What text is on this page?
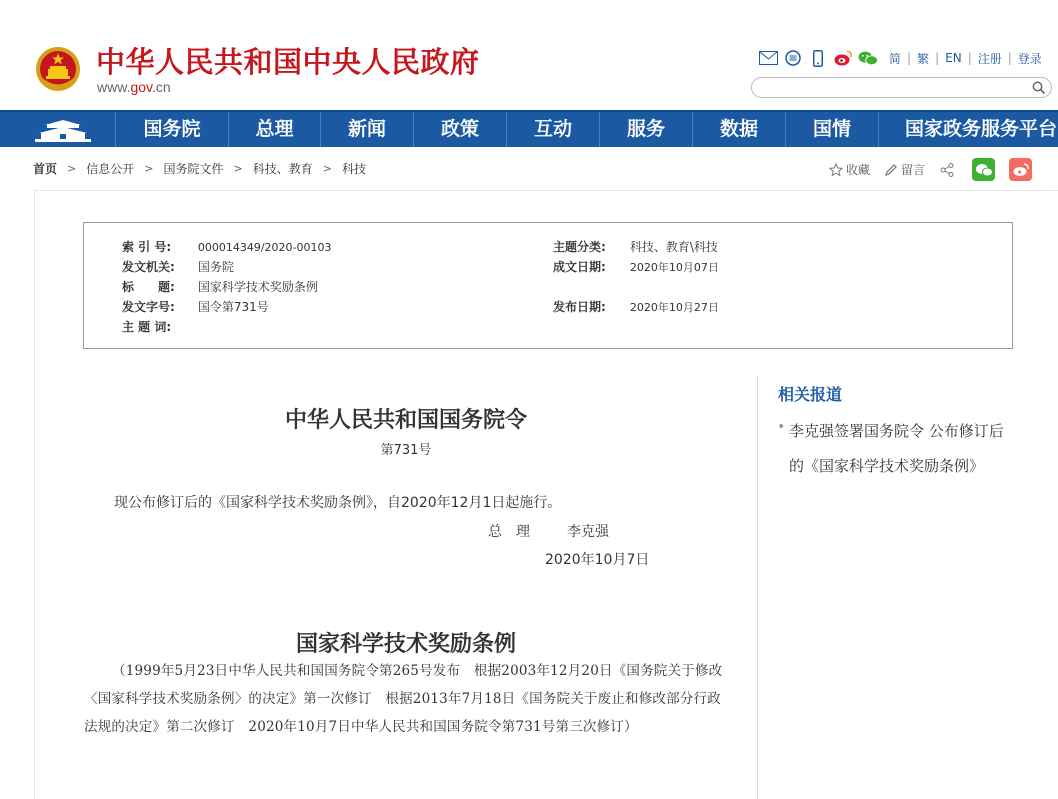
中华人民共和国中央人民政府
www.gov.cn
简 | 繁 | EN | 注册 | 登录
国务院	总理	新闻	政策	互动	服务	数据	国情	国家政务服务平台
首页 > 信息公开 > 国务院文件 > 科技、教育 > 科技	收藏	留言
索 引 号: 000014349/2020-00103	主题分类: 科技、教育\科技
发文机关: 国务院	成文日期: 2020年10月07日
标　　题: 国家科学技术奖励条例
发文字号: 国令第731号	发布日期: 2020年10月27日
主 题 词:
中华人民共和国国务院令
第731号
现公布修订后的《国家科学技术奖励条例》，自2020年12月1日起施行。
总　理	李克强
2020年10月7日
国家科学技术奖励条例
（1999年5月23日中华人民共和国国务院令第265号发布　根据2003年12月20日《国务院关于修改〈国家科学技术奖励条例〉的决定》第一次修订　根据2013年7月18日《国务院关于废止和修改部分行政法规的决定》第二次修订　2020年10月7日中华人民共和国国务院令第731号第三次修订）
相关报道
• 李克强签署国务院令 公布修订后的《国家科学技术奖励条例》
